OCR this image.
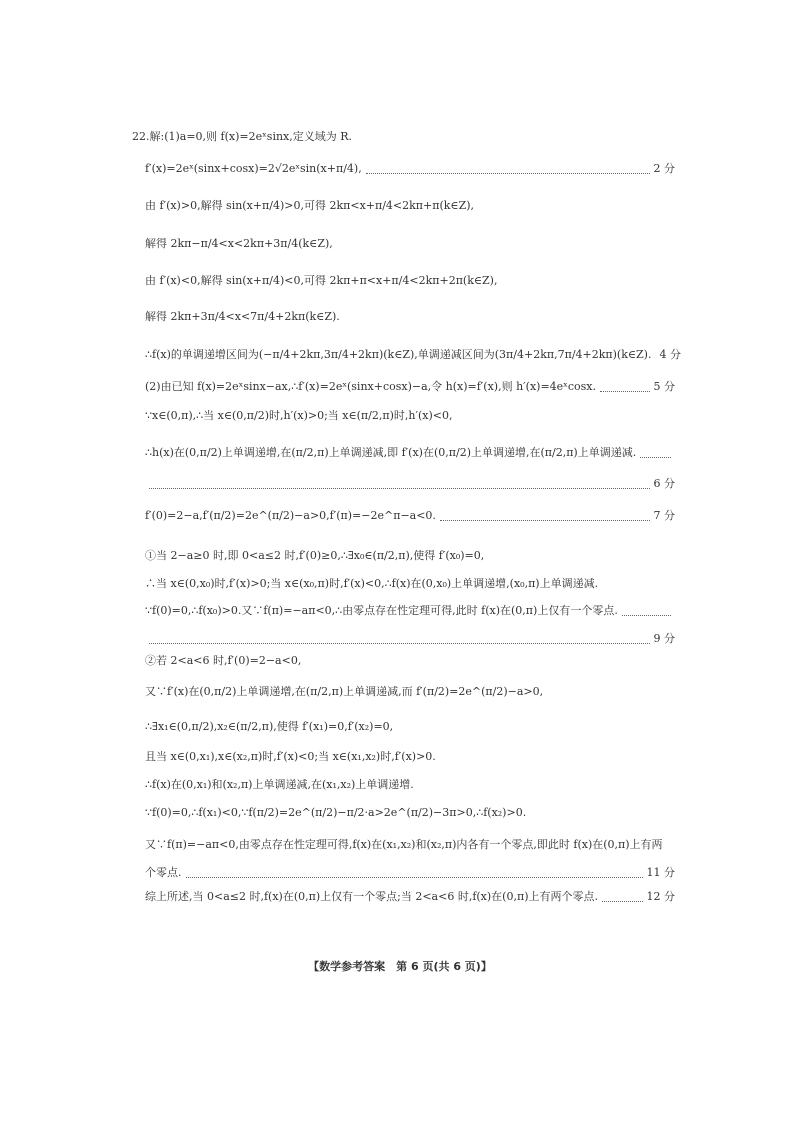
22.解:(1)a=0,则 f(x)=2eˣsinx,定义域为 R.
f′(x)=2eˣ(sinx+cosx)=2√2eˣsin(x+π/4),	2 分
由 f′(x)>0,解得 sin(x+π/4)>0,可得 2kπ<x+π/4<2kπ+π(k∈Z),
解得 2kπ−π/4<x<2kπ+3π/4(k∈Z),
由 f′(x)<0,解得 sin(x+π/4)<0,可得 2kπ+π<x+π/4<2kπ+2π(k∈Z),
解得 2kπ+3π/4<x<7π/4+2kπ(k∈Z).
∴f(x)的单调递增区间为(−π/4+2kπ,3π/4+2kπ)(k∈Z),单调递减区间为(3π/4+2kπ,7π/4+2kπ)(k∈Z). 4 分
(2)由已知 f(x)=2eˣsinx−ax,∴f′(x)=2eˣ(sinx+cosx)−a,令 h(x)=f′(x),则 h′(x)=4eˣcosx.	5 分
∵x∈(0,π),∴当 x∈(0,π/2)时,h′(x)>0;当 x∈(π/2,π)时,h′(x)<0,
∴h(x)在(0,π/2)上单调递增,在(π/2,π)上单调递减,即 f′(x)在(0,π/2)上单调递增,在(π/2,π)上单调递减.
6 分
f′(0)=2−a,f′(π/2)=2e^(π/2)−a>0,f′(π)=−2e^π−a<0.	7 分
①当 2−a≥0 时,即 0<a≤2 时,f′(0)≥0,∴∃x₀∈(π/2,π),使得 f′(x₀)=0,
∴当 x∈(0,x₀)时,f′(x)>0;当 x∈(x₀,π)时,f′(x)<0,∴f(x)在(0,x₀)上单调递增,(x₀,π)上单调递减.
∵f(0)=0,∴f(x₀)>0.又∵f(π)=−aπ<0,∴由零点存在性定理可得,此时 f(x)在(0,π)上仅有一个零点.
9 分
②若 2<a<6 时,f′(0)=2−a<0,
又∵f′(x)在(0,π/2)上单调递增,在(π/2,π)上单调递减,而 f′(π/2)=2e^(π/2)−a>0,
∴∃x₁∈(0,π/2),x₂∈(π/2,π),使得 f′(x₁)=0,f′(x₂)=0,
且当 x∈(0,x₁),x∈(x₂,π)时,f′(x)<0;当 x∈(x₁,x₂)时,f′(x)>0.
∴f(x)在(0,x₁)和(x₂,π)上单调递减,在(x₁,x₂)上单调递增.
∵f(0)=0,∴f(x₁)<0,∵f(π/2)=2e^(π/2)−π/2·a>2e^(π/2)−3π>0,∴f(x₂)>0.
又∵f(π)=−aπ<0,由零点存在性定理可得,f(x)在(x₁,x₂)和(x₂,π)内各有一个零点,即此时 f(x)在(0,π)上有两
个零点.	11 分
综上所述,当 0<a≤2 时,f(x)在(0,π)上仅有一个零点;当 2<a<6 时,f(x)在(0,π)上有两个零点.	12 分
【数学参考答案　第 6 页(共 6 页)】
